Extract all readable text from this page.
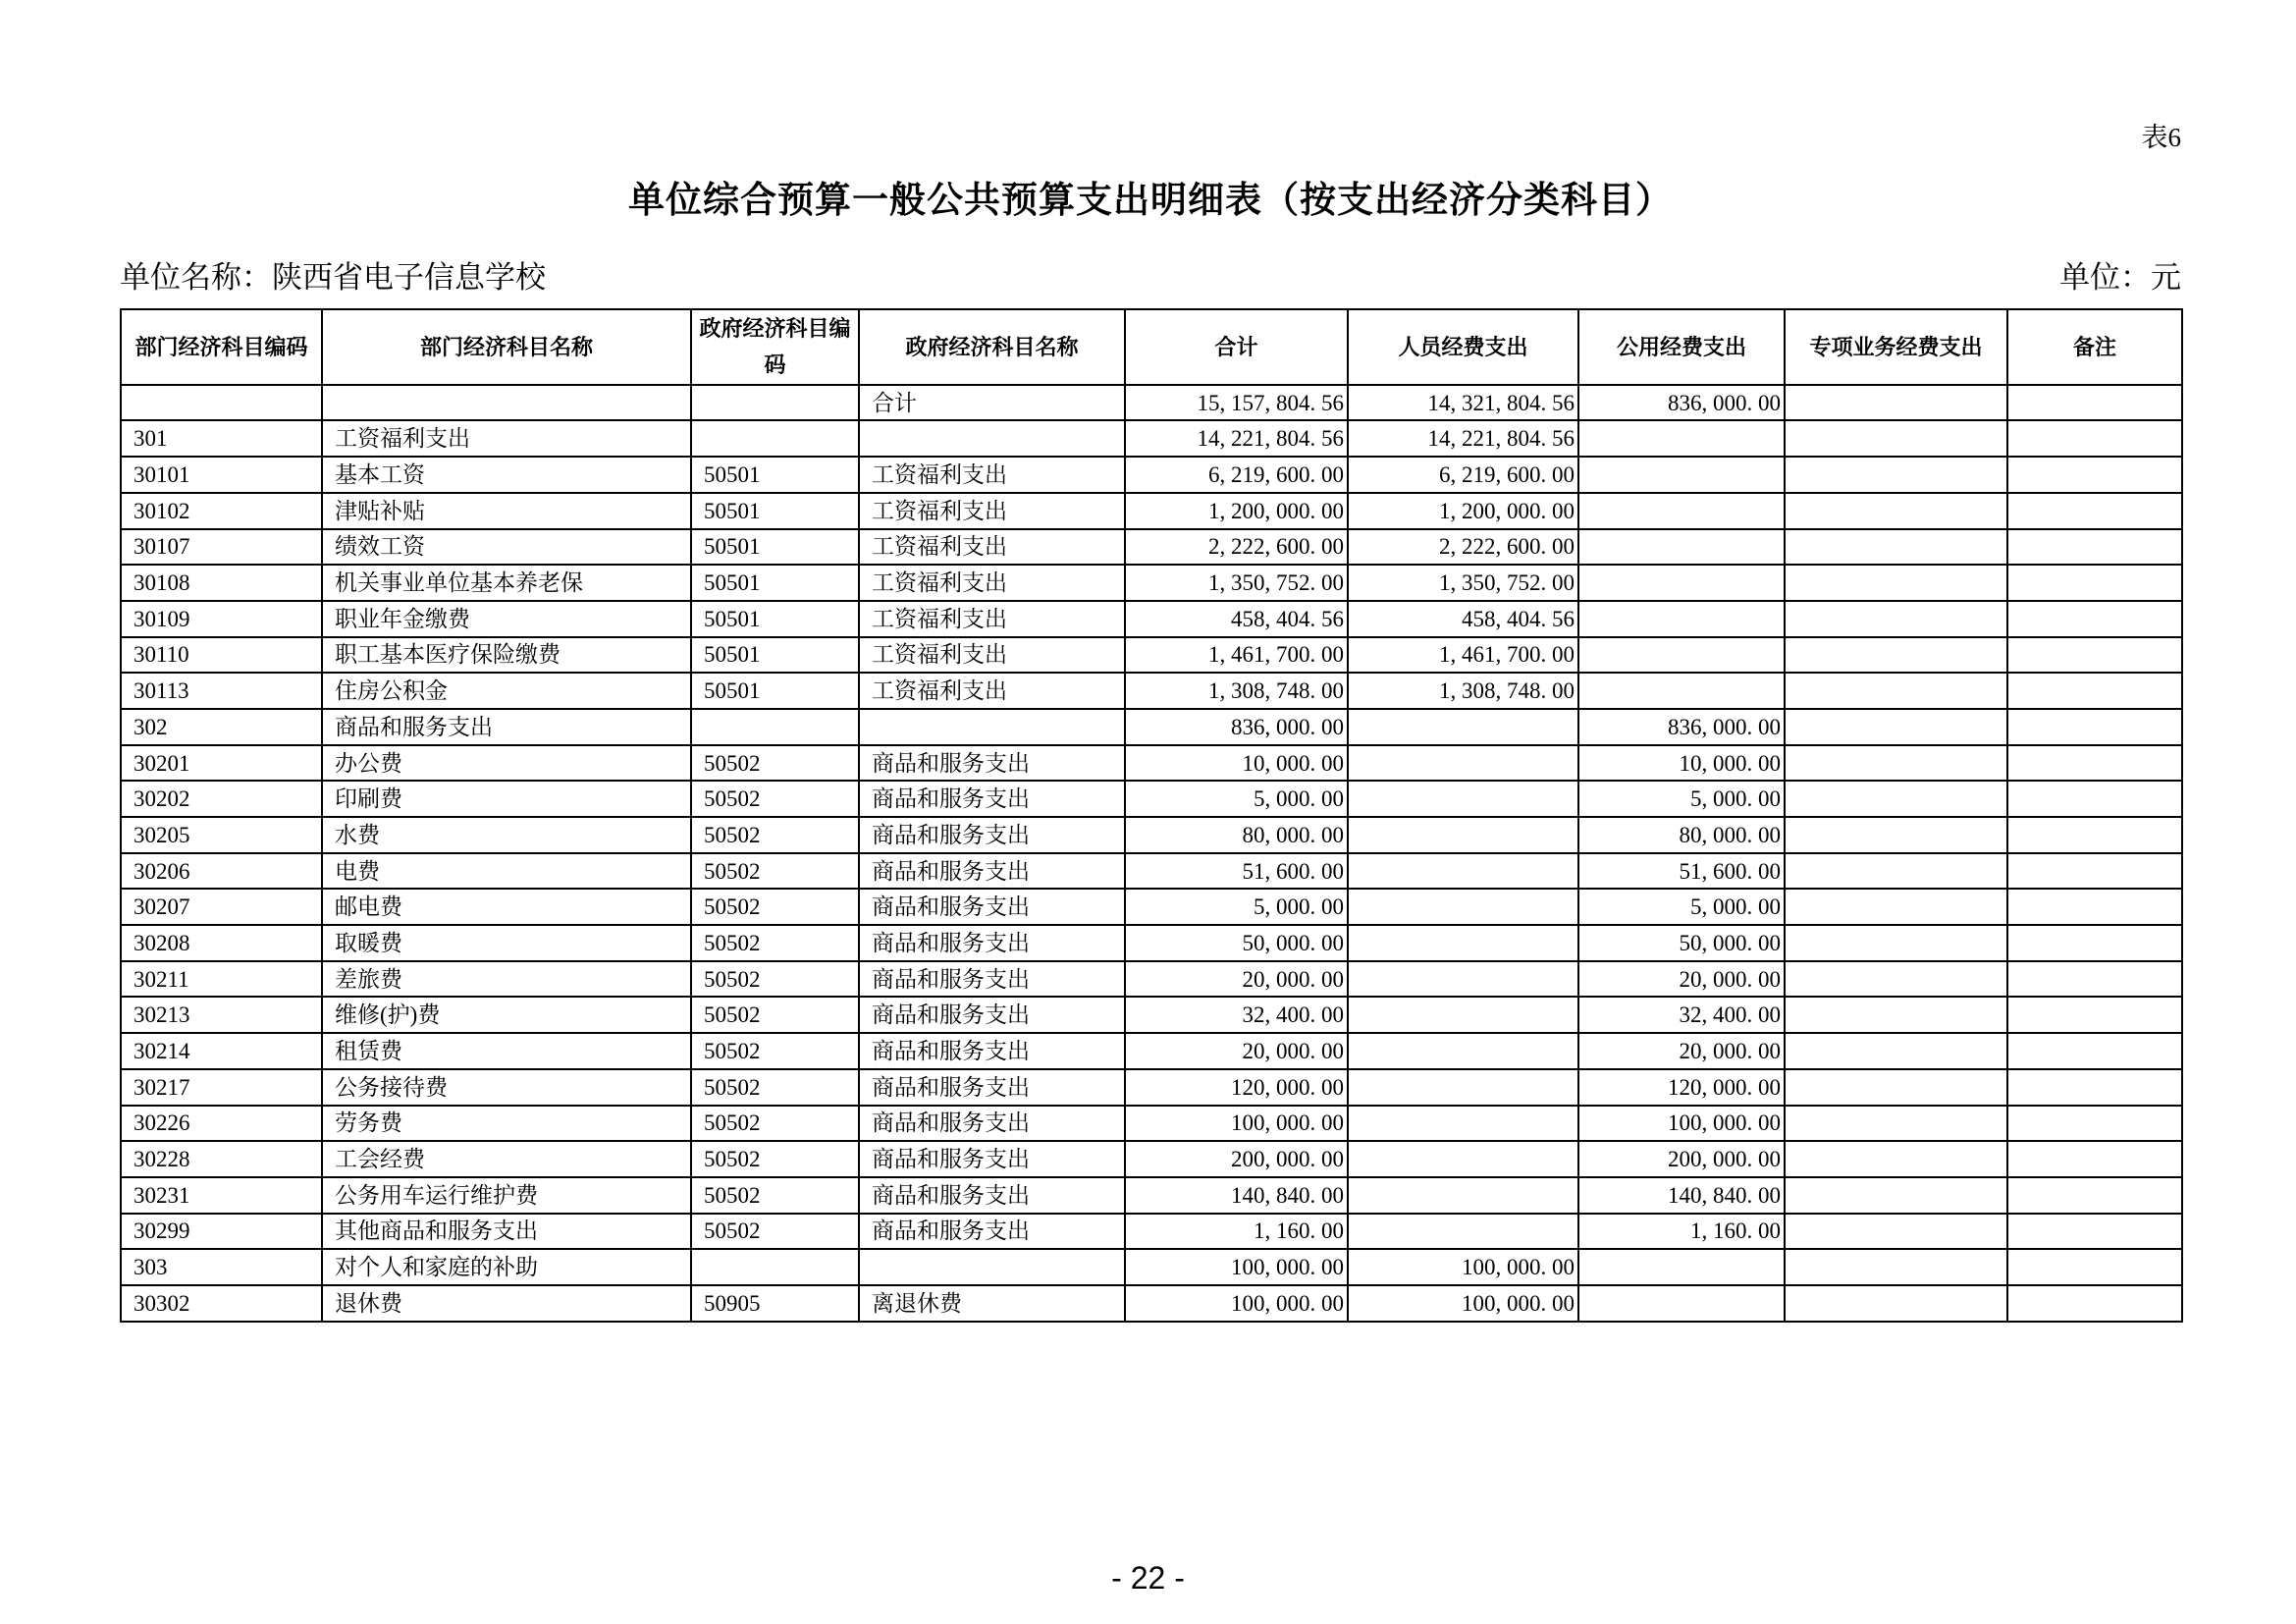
表6
单位综合预算一般公共预算支出明细表（按支出经济分类科目）
单位名称：陕西省电子信息学校	单位：元
部门经济科目编码	部门经济科目名称	政府经济科目编码	政府经济科目名称	合计	人员经费支出	公用经费支出	专项业务经费支出	备注
			合计	15, 157, 804. 56	14, 321, 804. 56	836, 000. 00		
301	工资福利支出			14, 221, 804. 56	14, 221, 804. 56			
30101	基本工资	50501	工资福利支出	6, 219, 600. 00	6, 219, 600. 00			
30102	津贴补贴	50501	工资福利支出	1, 200, 000. 00	1, 200, 000. 00			
30107	绩效工资	50501	工资福利支出	2, 222, 600. 00	2, 222, 600. 00			
30108	机关事业单位基本养老保	50501	工资福利支出	1, 350, 752. 00	1, 350, 752. 00			
30109	职业年金缴费	50501	工资福利支出	458, 404. 56	458, 404. 56			
30110	职工基本医疗保险缴费	50501	工资福利支出	1, 461, 700. 00	1, 461, 700. 00			
30113	住房公积金	50501	工资福利支出	1, 308, 748. 00	1, 308, 748. 00			
302	商品和服务支出			836, 000. 00		836, 000. 00		
30201	办公费	50502	商品和服务支出	10, 000. 00		10, 000. 00		
30202	印刷费	50502	商品和服务支出	5, 000. 00		5, 000. 00		
30205	水费	50502	商品和服务支出	80, 000. 00		80, 000. 00		
30206	电费	50502	商品和服务支出	51, 600. 00		51, 600. 00		
30207	邮电费	50502	商品和服务支出	5, 000. 00		5, 000. 00		
30208	取暖费	50502	商品和服务支出	50, 000. 00		50, 000. 00		
30211	差旅费	50502	商品和服务支出	20, 000. 00		20, 000. 00		
30213	维修(护)费	50502	商品和服务支出	32, 400. 00		32, 400. 00		
30214	租赁费	50502	商品和服务支出	20, 000. 00		20, 000. 00		
30217	公务接待费	50502	商品和服务支出	120, 000. 00		120, 000. 00		
30226	劳务费	50502	商品和服务支出	100, 000. 00		100, 000. 00		
30228	工会经费	50502	商品和服务支出	200, 000. 00		200, 000. 00		
30231	公务用车运行维护费	50502	商品和服务支出	140, 840. 00		140, 840. 00		
30299	其他商品和服务支出	50502	商品和服务支出	1, 160. 00		1, 160. 00		
303	对个人和家庭的补助			100, 000. 00	100, 000. 00			
30302	退休费	50905	离退休费	100, 000. 00	100, 000. 00			
- 22 -
